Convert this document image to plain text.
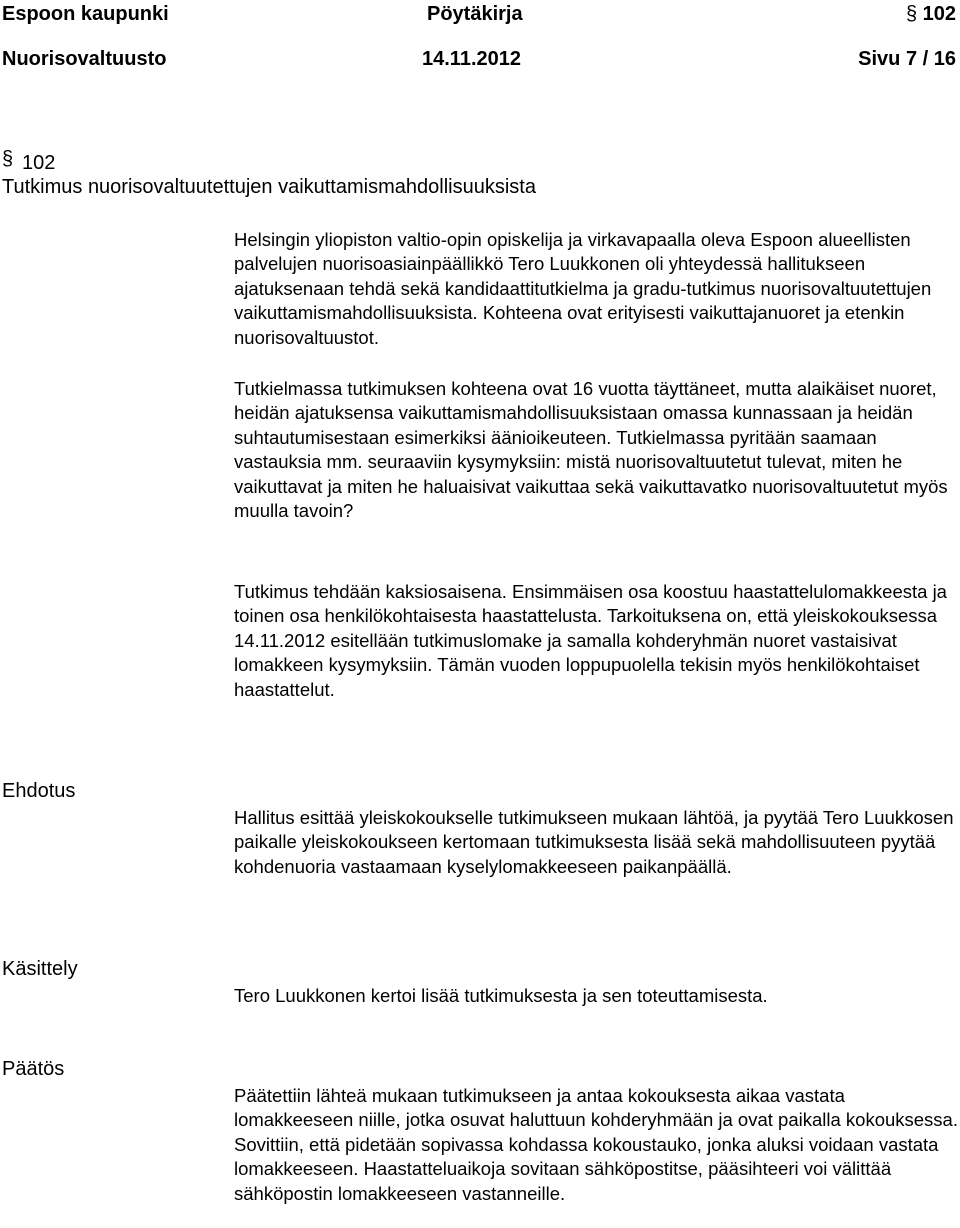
Espoon kaupunki	Pöytäkirja	§ 102
Nuorisovaltuusto	14.11.2012	Sivu 7 / 16
§ 102
Tutkimus nuorisovaltuutettujen vaikuttamismahdollisuuksista

Helsingin yliopiston valtio-opin opiskelija ja virkavapaalla oleva Espoon alueellisten palvelujen nuorisoasiainpäällikkö Tero Luukkonen oli yhteydessä hallitukseen ajatuksenaan tehdä sekä kandidaattitutkielma ja gradu-tutkimus nuorisovaltuutettujen vaikuttamismahdollisuuksista. Kohteena ovat erityisesti vaikuttajanuoret ja etenkin nuorisovaltuustot.

Tutkielmassa tutkimuksen kohteena ovat 16 vuotta täyttäneet, mutta alaikäiset nuoret, heidän ajatuksensa vaikuttamismahdollisuuksistaan omassa kunnassaan ja heidän suhtautumisestaan esimerkiksi äänioikeuteen. Tutkielmassa pyritään saamaan vastauksia mm. seuraaviin kysymyksiin: mistä nuorisovaltuutetut tulevat, miten he vaikuttavat ja miten he haluaisivat vaikuttaa sekä vaikuttavatko nuorisovaltuutetut myös muulla tavoin?

Tutkimus tehdään kaksiosaisena. Ensimmäisen osa koostuu haastattelulomakkeesta ja toinen osa henkilökohtaisesta haastattelusta. Tarkoituksena on, että yleiskokouksessa 14.11.2012 esitellään tutkimuslomake ja samalla kohderyhmän nuoret vastaisivat lomakkeen kysymyksiin. Tämän vuoden loppupuolella tekisin myös henkilökohtaiset haastattelut.

Ehdotus

Hallitus esittää yleiskokoukselle tutkimukseen mukaan lähtöä, ja pyytää Tero Luukkosen paikalle yleiskokoukseen kertomaan tutkimuksesta lisää sekä mahdollisuuteen pyytää kohdenuoria vastaamaan kyselylomakkeeseen paikanpäällä.

Käsittely

Tero Luukkonen kertoi lisää tutkimuksesta ja sen toteuttamisesta.

Päätös

Päätettiin lähteä mukaan tutkimukseen ja antaa kokouksesta aikaa vastata lomakkeeseen niille, jotka osuvat haluttuun kohderyhmään ja ovat paikalla kokouksessa. Sovittiin, että pidetään sopivassa kohdassa kokoustauko, jonka aluksi voidaan vastata lomakkeeseen. Haastatteluaikoja sovitaan sähköpostitse, pääsihteeri voi välittää sähköpostin lomakkeeseen vastanneille.
